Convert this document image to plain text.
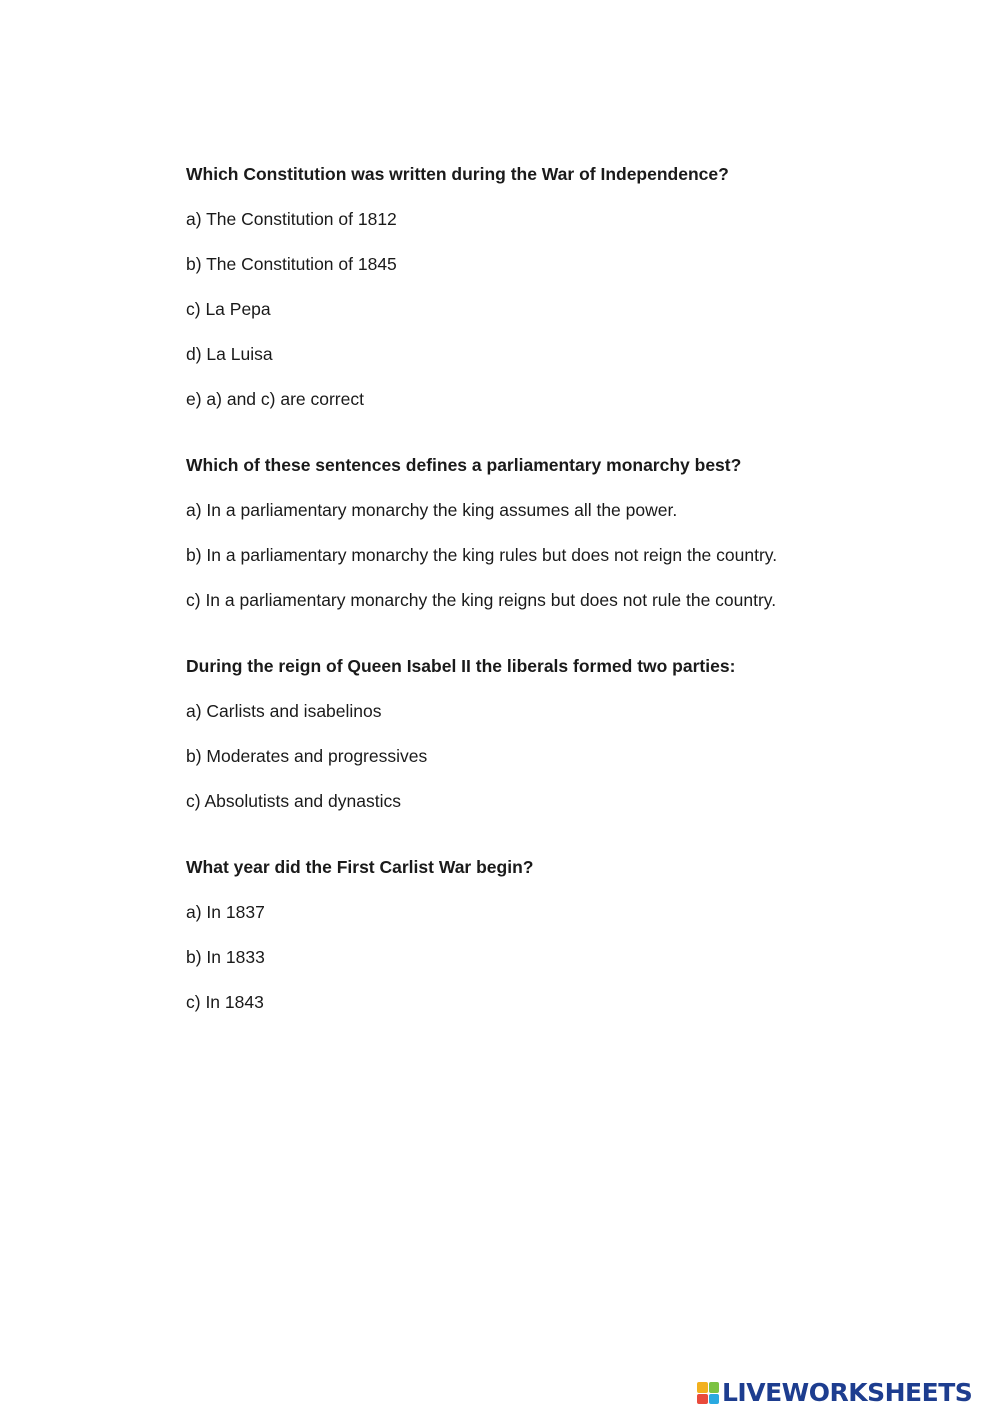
Which Constitution was written during the War of Independence?
a) The Constitution of 1812
b) The Constitution of 1845
c) La Pepa
d) La Luisa
e) a) and c) are correct
Which of these sentences defines a parliamentary monarchy best?
a) In a parliamentary monarchy the king assumes all the power.
b) In a parliamentary monarchy the king rules but does not reign the country.
c) In a parliamentary monarchy the king reigns but does not rule the country.
During the reign of Queen Isabel II the liberals formed two parties:
a) Carlists and isabelinos
b) Moderates and progressives
c) Absolutists and dynastics
What year did the First Carlist War begin?
a) In 1837
b) In 1833
c) In 1843
LIVEWORKSHEETS
